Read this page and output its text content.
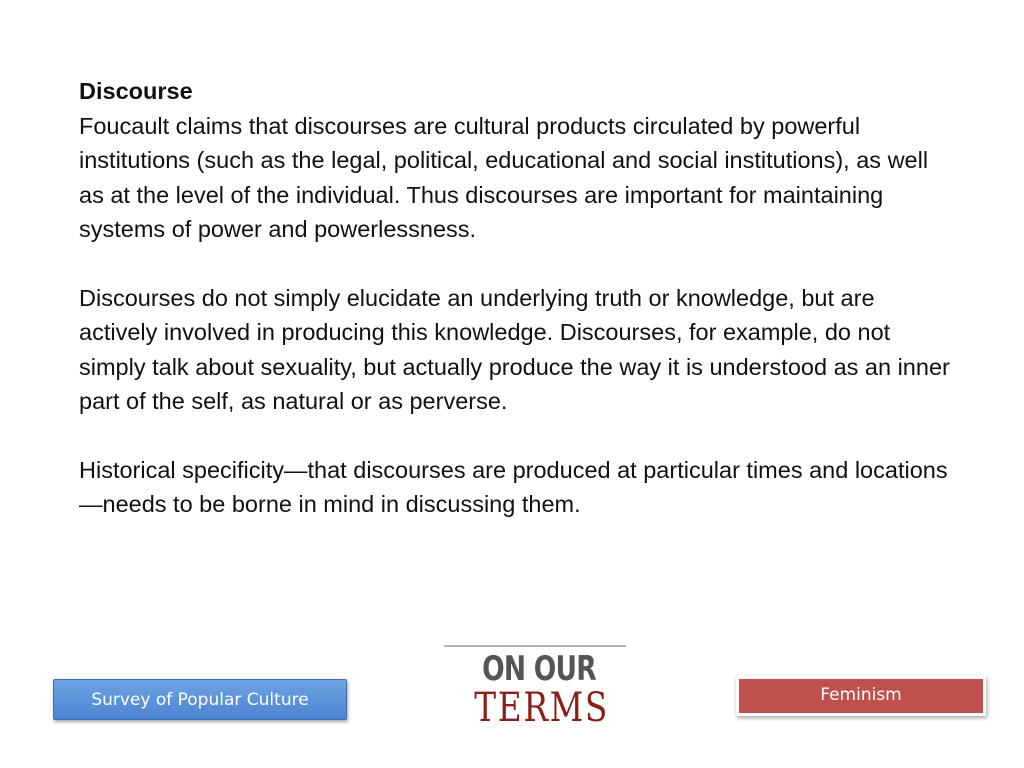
Discourse
Foucault claims that discourses are cultural products circulated by powerful institutions (such as the legal, political, educational and social institutions), as well as at the level of the individual. Thus discourses are important for maintaining systems of power and powerlessness.
Discourses do not simply elucidate an underlying truth or knowledge, but are actively involved in producing this knowledge. Discourses, for example, do not simply talk about sexuality, but actually produce the way it is understood as an inner part of the self, as natural or as perverse.
Historical specificity—that discourses are produced at particular times and locations—needs to be borne in mind in discussing them.
Survey of Popular Culture
ON OUR
TERMS	Feminism
